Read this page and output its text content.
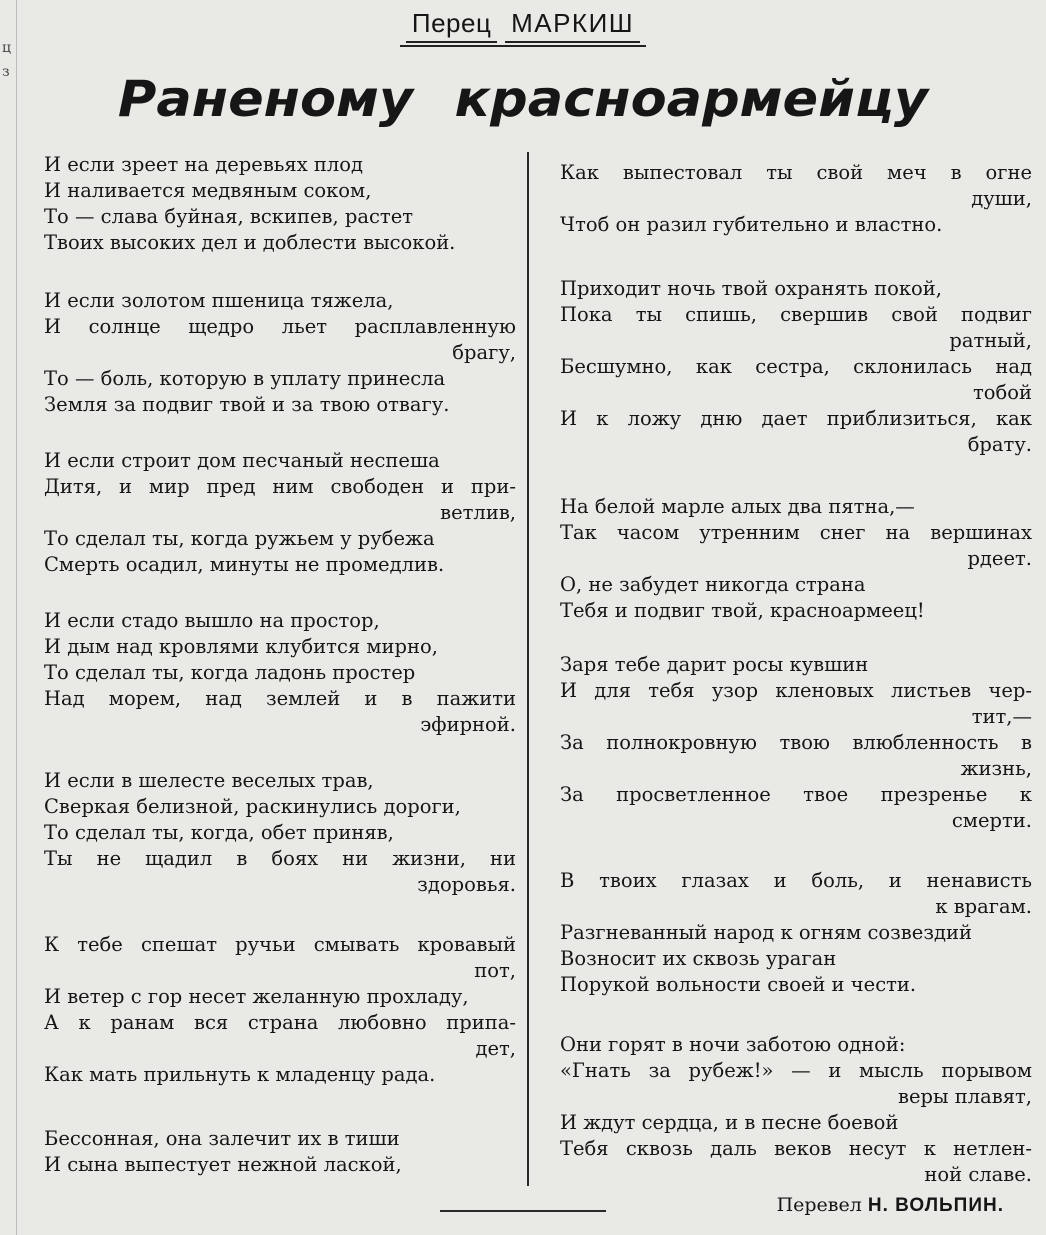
ц
з
Перец МАРКИШ
Раненому красноармейцу
И если зреет на деревьях плод
И наливается медвяным соком,
То — слава буйная, вскипев, растет
Твоих высоких дел и доблести высокой.
И если золотом пшеница тяжела,
И солнце щедро льет расплавленную
брагу,
То — боль, которую в уплату принесла
Земля за подвиг твой и за твою отвагу.
И если строит дом песчаный неспеша
Дитя, и мир пред ним свободен и при-
ветлив,
То сделал ты, когда ружьем у рубежа
Смерть осадил, минуты не промедлив.
И если стадо вышло на простор,
И дым над кровлями клубится мирно,
То сделал ты, когда ладонь простер
Над морем, над землей и в пажити
эфирной.
И если в шелесте веселых трав,
Сверкая белизной, раскинулись дороги,
То сделал ты, когда, обет приняв,
Ты не щадил в боях ни жизни, ни
здоровья.
К тебе спешат ручьи смывать кровавый
пот,
И ветер с гор несет желанную прохладу,
А к ранам вся страна любовно припа-
дет,
Как мать прильнуть к младенцу рада.
Бессонная, она залечит их в тиши
И сына выпестует нежной лаской,
Как выпестовал ты свой меч в огне
души,
Чтоб он разил губительно и властно.
Приходит ночь твой охранять покой,
Пока ты спишь, свершив свой подвиг
ратный,
Бесшумно, как сестра, склонилась над
тобой
И к ложу дню дает приблизиться, как
брату.
На белой марле алых два пятна,—
Так часом утренним снег на вершинах
рдеет.
О, не забудет никогда страна
Тебя и подвиг твой, красноармеец!
Заря тебе дарит росы кувшин
И для тебя узор кленовых листьев чер-
тит,—
За полнокровную твою влюбленность в
жизнь,
За просветленное твое презренье к
смерти.
В твоих глазах и боль, и ненависть
к врагам.
Разгневанный народ к огням созвездий
Возносит их сквозь ураган
Порукой вольности своей и чести.
Они горят в ночи заботою одной:
«Гнать за рубеж!» — и мысль порывом
веры плавят,
И ждут сердца, и в песне боевой
Тебя сквозь даль веков несут к нетлен-
ной славе.
Перевел Н. ВОЛЬПИН.
